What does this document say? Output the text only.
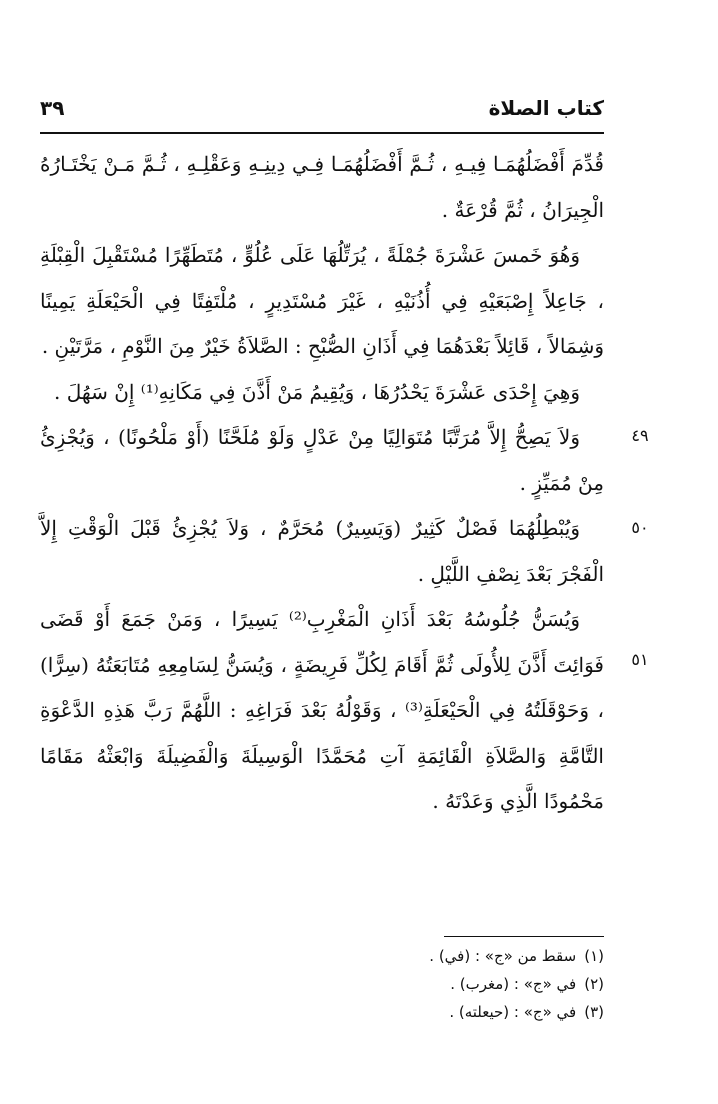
كتاب الصلاة
٣٩
٤٩
٥٠
٥١

قُدِّمَ أَفْضَلُهُمَـا فِيـهِ ، ثُـمَّ أَفْضَلُهُمَـا فِـي دِينِـهِ وَعَقْلِـهِ ، ثُـمَّ مَـنْ يَخْتَـارُهُ الْجِيرَانُ ، ثُمَّ قُرْعَةٌ .

وَهُوَ خَمسَ عَشْرَةَ جُمْلَةً ، يُرَتِّلُهَا عَلَى عُلُوٍّ ، مُتَطَهِّرًا مُسْتَقْبِلَ الْقِبْلَةِ ، جَاعِلاً إِصْبَعَيْهِ فِي أُذُنَيْهِ ، غَيْرَ مُسْتَدِيرٍ ، مُلْتَفِتًا فِي الْحَيْعَلَةِ يَمِينًا وَشِمَالاً ، قَائِلاً بَعْدَهُمَا فِي أَذَانِ الصُّبْحِ : الصَّلاَةُ خَيْرٌ مِنَ النَّوْمِ ، مَرَّتَيْنِ .

وَهِيَ إِحْدَى عَشْرَةَ يَحْدُرُهَا ، وَيُقِيمُ مَنْ أَذَّنَ فِي مَكَانِهِ⁽¹⁾ إِنْ سَهُلَ .

وَلاَ يَصِحُّ إِلاَّ مُرَتَّبًا مُتَوَالِيًا مِنْ عَدْلٍ وَلَوْ مُلَحَّنًا (أَوْ مَلْحُونًا) ، وَيُجْزِئُ مِنْ مُمَيِّزٍ .

وَيُبْطِلُهُمَا فَصْلٌ كَثِيرٌ (وَيَسِيرٌ) مُحَرَّمٌ ، وَلاَ يُجْزِئُ قَبْلَ الْوَقْتِ إِلاَّ الْفَجْرَ بَعْدَ نِصْفِ اللَّيْلِ .

وَيُسَنُّ جُلُوسُهُ بَعْدَ أَذَانِ الْمَغْرِبِ⁽²⁾ يَسِيرًا ، وَمَنْ جَمَعَ أَوْ قَضَى فَوَائِتَ أَذَّنَ لِلأُولَى ثُمَّ أَقَامَ لِكُلِّ فَرِيضَةٍ ، وَيُسَنُّ لِسَامِعِهِ مُتَابَعَتُهُ (سِرًّا) ، وَحَوْقَلَتُهُ فِي الْحَيْعَلَةِ⁽³⁾ ، وَقَوْلُهُ بَعْدَ فَرَاغِهِ : اللَّهُمَّ رَبَّ هَذِهِ الدَّعْوَةِ التَّامَّةِ وَالصَّلاَةِ الْقَائِمَةِ آتِ مُحَمَّدًا الْوَسِيلَةَ وَالْفَضِيلَةَ وَابْعَثْهُ مَقَامًا مَحْمُودًا الَّذِي وَعَدْتَهُ .

(١)سقط من «ج» : (في) .
(٢)في «ج» : (مغرب) .
(٣)في «ج» : (حيعلته) .
